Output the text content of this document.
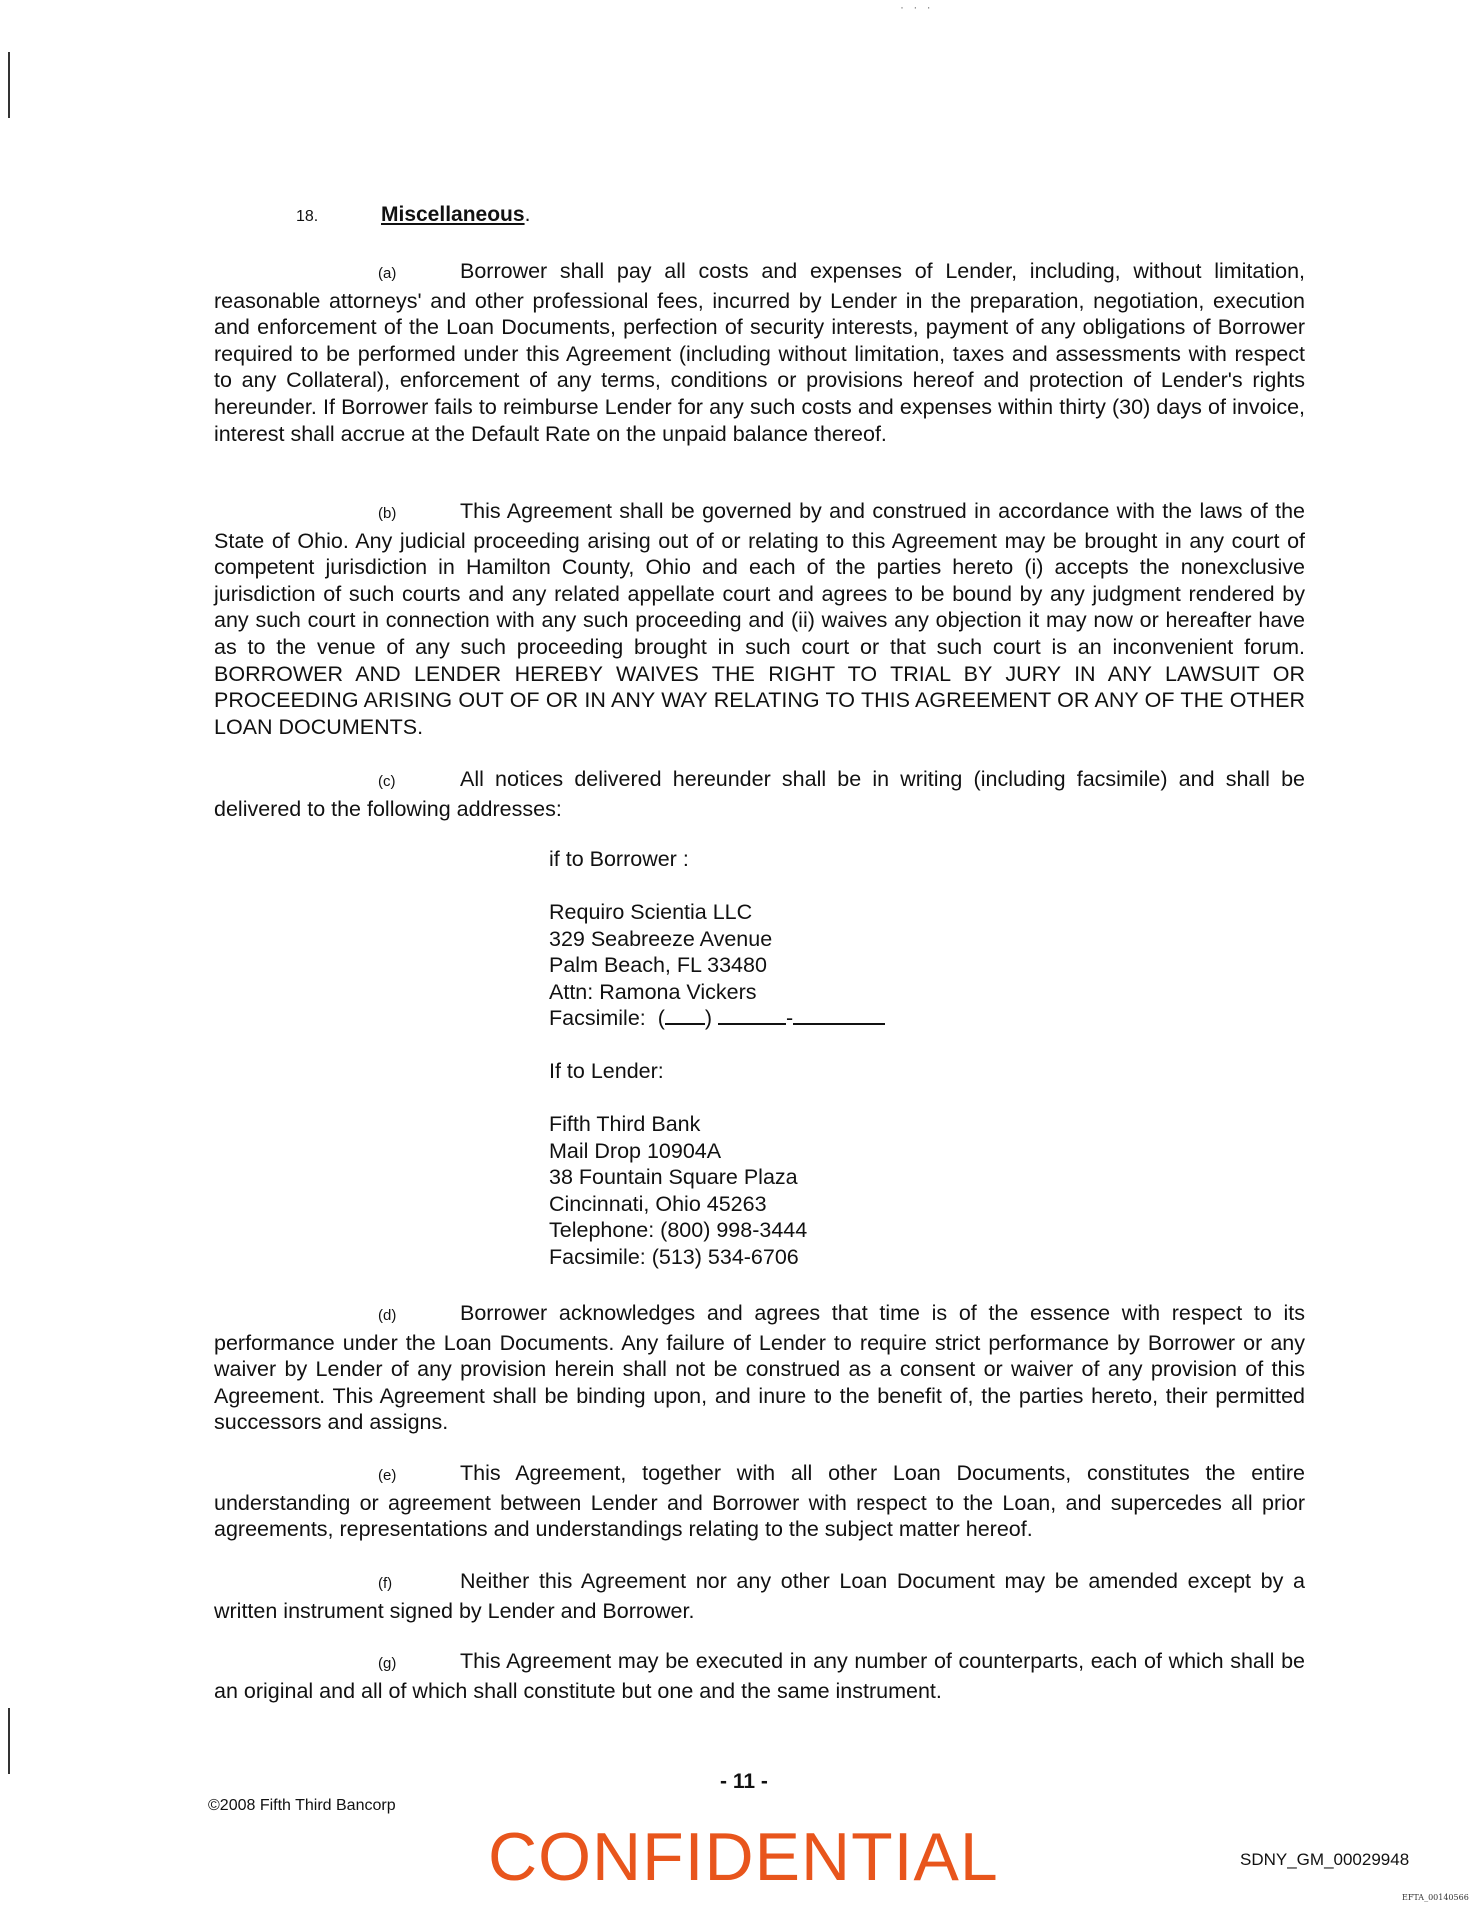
· · ·
18.	Miscellaneous.

(a)	Borrower shall pay all costs and expenses of Lender, including, without limitation, reasonable attorneys' and other professional fees, incurred by Lender in the preparation, negotiation, execution and enforcement of the Loan Documents, perfection of security interests, payment of any obligations of Borrower required to be performed under this Agreement (including without limitation, taxes and assessments with respect to any Collateral), enforcement of any terms, conditions or provisions hereof and protection of Lender's rights hereunder. If Borrower fails to reimburse Lender for any such costs and expenses within thirty (30) days of invoice, interest shall accrue at the Default Rate on the unpaid balance thereof.

(b)	This Agreement shall be governed by and construed in accordance with the laws of the State of Ohio. Any judicial proceeding arising out of or relating to this Agreement may be brought in any court of competent jurisdiction in Hamilton County, Ohio and each of the parties hereto (i) accepts the nonexclusive jurisdiction of such courts and any related appellate court and agrees to be bound by any judgment rendered by any such court in connection with any such proceeding and (ii) waives any objection it may now or hereafter have as to the venue of any such proceeding brought in such court or that such court is an inconvenient forum. BORROWER AND LENDER HEREBY WAIVES THE RIGHT TO TRIAL BY JURY IN ANY LAWSUIT OR PROCEEDING ARISING OUT OF OR IN ANY WAY RELATING TO THIS AGREEMENT OR ANY OF THE OTHER LOAN DOCUMENTS.

(c)	All notices delivered hereunder shall be in writing (including facsimile) and shall be delivered to the following addresses:

if to Borrower :
Requiro Scientia LLC
329 Seabreeze Avenue
Palm Beach, FL 33480
Attn: Ramona Vickers
Facsimile: ( )	-
If to Lender:
Fifth Third Bank
Mail Drop 10904A
38 Fountain Square Plaza
Cincinnati, Ohio 45263
Telephone: (800) 998-3444
Facsimile: (513) 534-6706

(d)	Borrower acknowledges and agrees that time is of the essence with respect to its performance under the Loan Documents. Any failure of Lender to require strict performance by Borrower or any waiver by Lender of any provision herein shall not be construed as a consent or waiver of any provision of this Agreement. This Agreement shall be binding upon, and inure to the benefit of, the parties hereto, their permitted successors and assigns.

(e)	This Agreement, together with all other Loan Documents, constitutes the entire understanding or agreement between Lender and Borrower with respect to the Loan, and supercedes all prior agreements, representations and understandings relating to the subject matter hereof.

(f)	Neither this Agreement nor any other Loan Document may be amended except by a written instrument signed by Lender and Borrower.

(g)	This Agreement may be executed in any number of counterparts, each of which shall be an original and all of which shall constitute but one and the same instrument.

- 11 -
©2008 Fifth Third Bancorp
CONFIDENTIAL	SDNY_GM_00029948
EFTA_00140566
